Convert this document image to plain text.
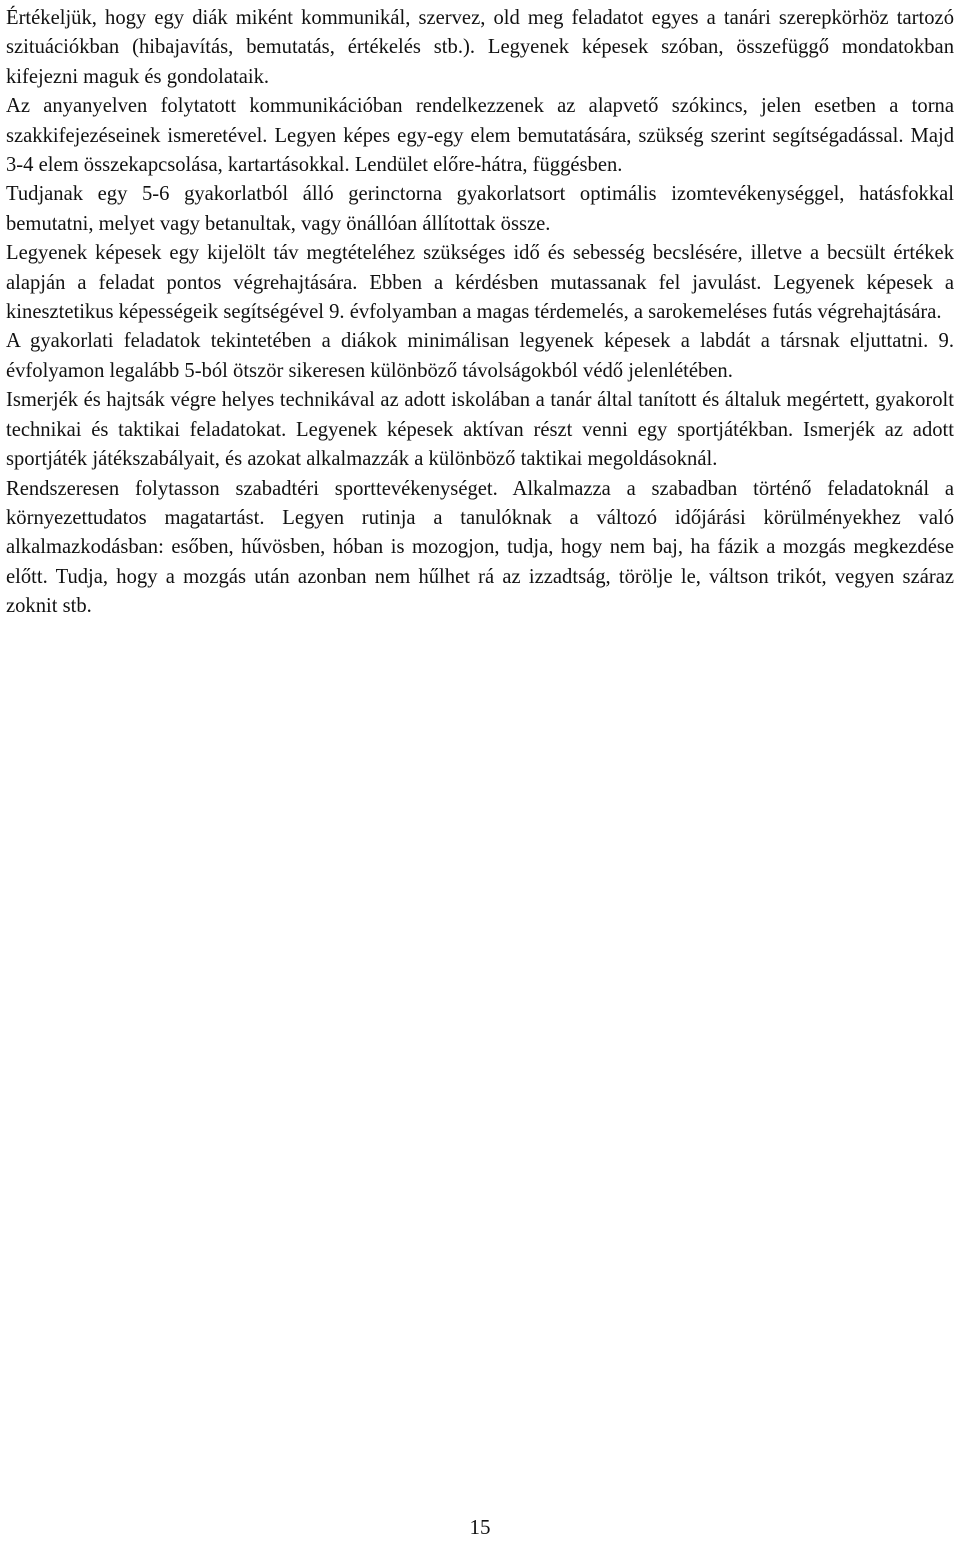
Értékeljük, hogy egy diák miként kommunikál, szervez, old meg feladatot egyes a tanári szerepkörhöz tartozó szituációkban (hibajavítás, bemutatás, értékelés stb.). Legyenek képesek szóban, összefüggő mondatokban kifejezni maguk és gondolataik.

Az anyanyelven folytatott kommunikációban rendelkezzenek az alapvető szókincs, jelen esetben a torna szakkifejezéseinek ismeretével. Legyen képes egy-egy elem bemutatására, szükség szerint segítségadással. Majd 3-4 elem összekapcsolása, kartartásokkal. Lendület előre-hátra, függésben.

Tudjanak egy 5-6 gyakorlatból álló gerinctorna gyakorlatsort optimális izomtevékenységgel, hatásfokkal bemutatni, melyet vagy betanultak, vagy önállóan állítottak össze.

Legyenek képesek egy kijelölt táv megtételéhez szükséges idő és sebesség becslésére, illetve a becsült értékek alapján a feladat pontos végrehajtására. Ebben a kérdésben mutassanak fel javulást. Legyenek képesek a kinesztetikus képességeik segítségével 9. évfolyamban a magas térdemelés, a sarokemeléses futás végrehajtására.

A gyakorlati feladatok tekintetében a diákok minimálisan legyenek képesek a labdát a társnak eljuttatni. 9. évfolyamon legalább 5-ból ötször sikeresen különböző távolságokból védő jelenlétében.

Ismerjék és hajtsák végre helyes technikával az adott iskolában a tanár által tanított és általuk megértett, gyakorolt technikai és taktikai feladatokat. Legyenek képesek aktívan részt venni egy sportjátékban. Ismerjék az adott sportjáték játékszabályait, és azokat alkalmazzák a különböző taktikai megoldásoknál.

Rendszeresen folytasson szabadtéri sporttevékenységet. Alkalmazza a szabadban történő feladatoknál a környezettudatos magatartást. Legyen rutinja a tanulóknak a változó időjárási körülményekhez való alkalmazkodásban: esőben, hűvösben, hóban is mozogjon, tudja, hogy nem baj, ha fázik a mozgás megkezdése előtt. Tudja, hogy a mozgás után azonban nem hűlhet rá az izzadtság, törölje le, váltson trikót, vegyen száraz zoknit stb.

15
